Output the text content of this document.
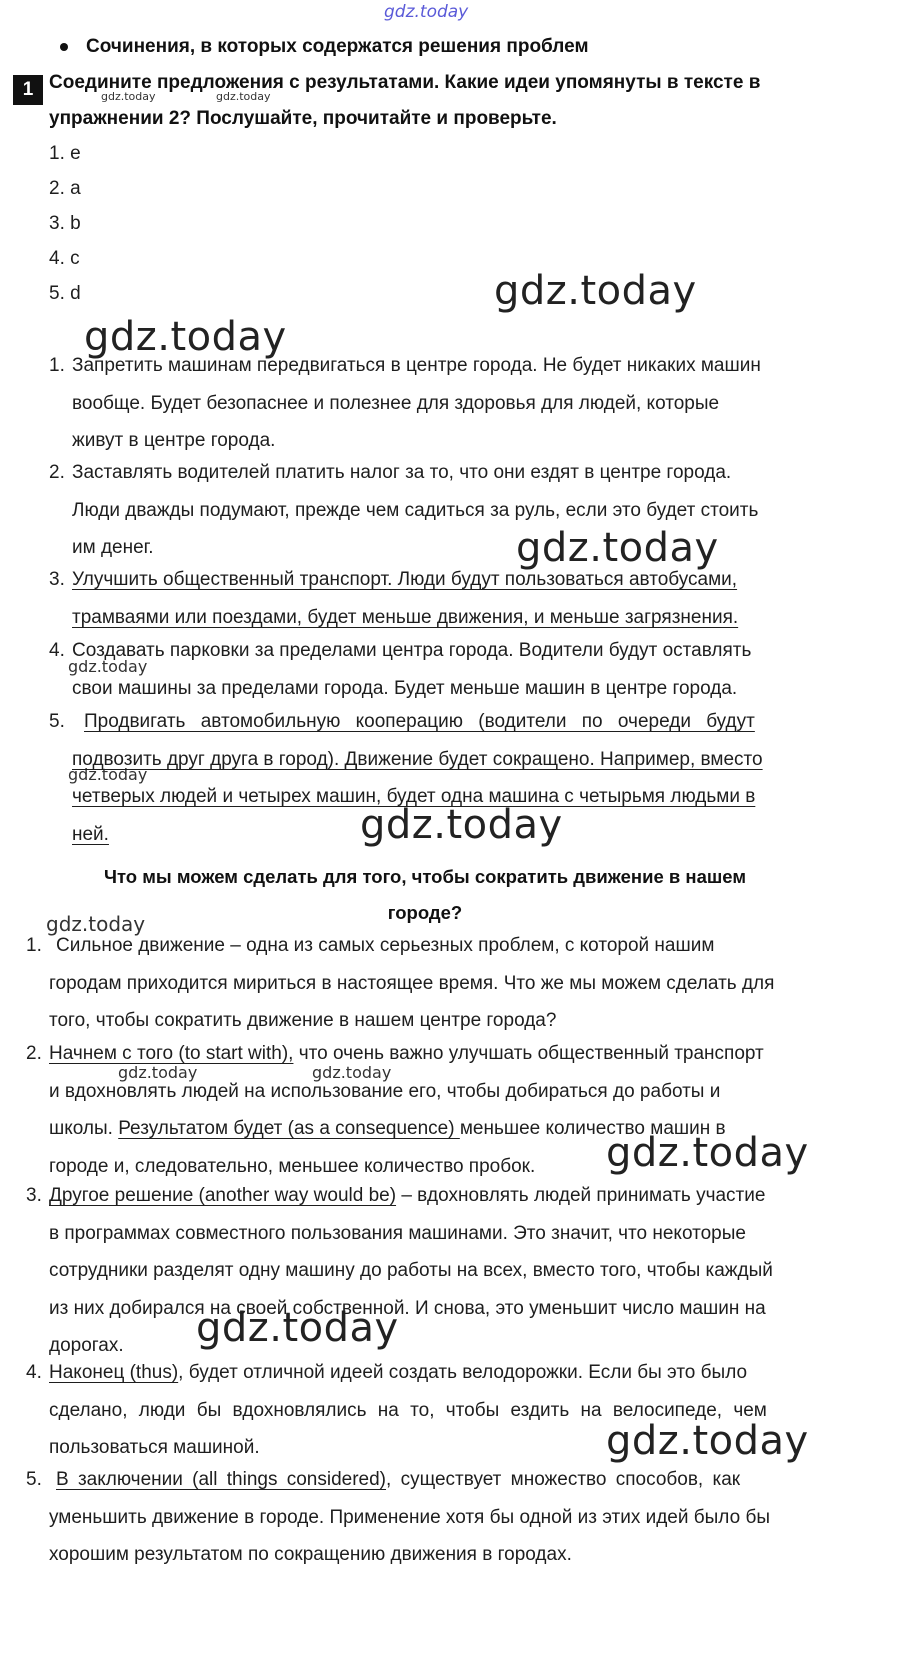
gdz.today
gdz.today	gdz.today
gdz.today
gdz.today
gdz.today
gdz.today
gdz.today
gdz.today
gdz.today
gdz.today	gdz.today
gdz.today
gdz.today
gdz.today
Сочинения, в которых содержатся решения проблем
1 Соедините предложения с результатами. Какие идеи упомянуты в тексте в
упражнении 2? Послушайте, прочитайте и проверьте.
1. e
2. a
3. b
4. c
5. d
1. Запретить машинам передвигаться в центре города. Не будет никаких машин
вообще. Будет безопаснее и полезнее для здоровья для людей, которые
живут в центре города.
2. Заставлять водителей платить налог за то, что они ездят в центре города.
Люди дважды подумают, прежде чем садиться за руль, если это будет стоить
им денег.
3. Улучшить общественный транспорт. Люди будут пользоваться автобусами,
трамваями или поездами, будет меньше движения, и меньше загрязнения.
4. Создавать парковки за пределами центра города. Водители будут оставлять
свои машины за пределами города. Будет меньше машин в центре города.
5. Продвигать автомобильную кооперацию (водители по очереди будут
подвозить друг друга в город). Движение будет сокращено. Например, вместо
четверых людей и четырех машин, будет одна машина с четырьмя людьми в
ней.
Что мы можем сделать для того, чтобы сократить движение в нашем
городе?
1. Сильное движение – одна из самых серьезных проблем, с которой нашим
городам приходится мириться в настоящее время. Что же мы можем сделать для
того, чтобы сократить движение в нашем центре города?
2. Начнем с того (to start with), что очень важно улучшать общественный транспорт
и вдохновлять людей на использование его, чтобы добираться до работы и
школы. Результатом будет (as a consequence) меньшее количество машин в
городе и, следовательно, меньшее количество пробок.
3. Другое решение (another way would be) – вдохновлять людей принимать участие
в программах совместного пользования машинами. Это значит, что некоторые
сотрудники разделят одну машину до работы на всех, вместо того, чтобы каждый
из них добирался на своей собственной. И снова, это уменьшит число машин на
дорогах.
4. Наконец (thus), будет отличной идеей создать велодорожки. Если бы это было
сделано, люди бы вдохновлялись на то, чтобы ездить на велосипеде, чем
пользоваться машиной.
5. В заключении (all things considered), существует множество способов, как
уменьшить движение в городе. Применение хотя бы одной из этих идей было бы
хорошим результатом по сокращению движения в городах.
